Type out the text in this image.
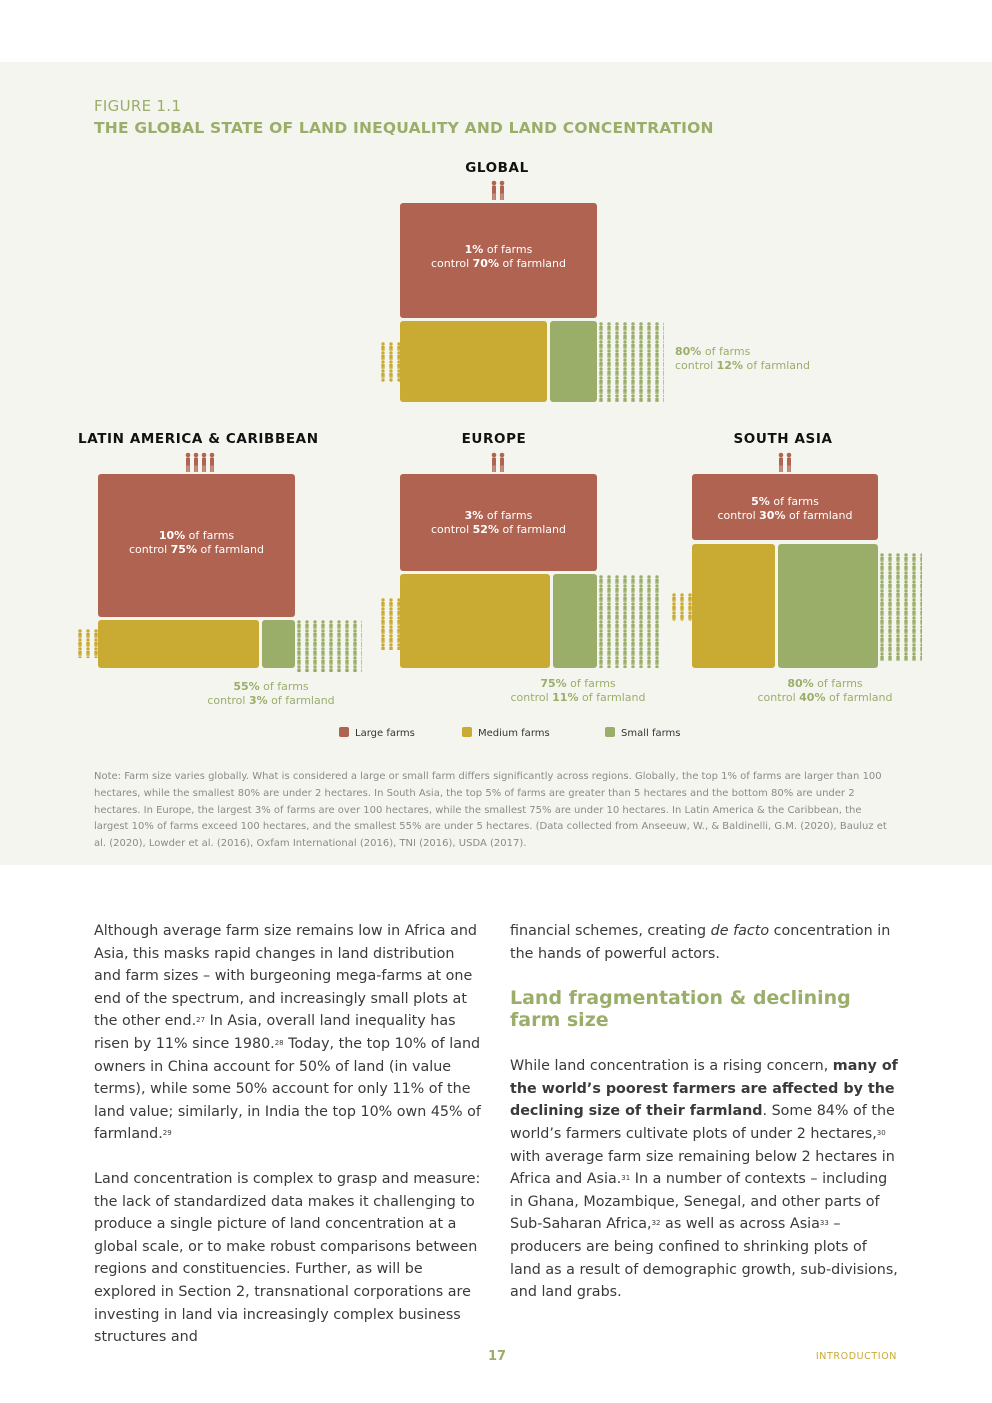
FIGURE 1.1
THE GLOBAL STATE OF LAND INEQUALITY AND LAND CONCENTRATION
GLOBAL
1% of farms
control 70% of farmland
80% of farms
control 12% of farmland
LATIN AMERICA & CARIBBEAN
10% of farms
control 75% of farmland
55% of farms
control 3% of farmland
EUROPE
3% of farms
control 52% of farmland
75% of farms
control 11% of farmland
SOUTH ASIA
5% of farms
control 30% of farmland
80% of farms
control 40% of farmland
Large farms	Medium farms	Small farms
Note: Farm size varies globally. What is considered a large or small farm differs significantly across regions. Globally, the top 1% of farms are larger than 100 hectares, while the smallest 80% are under 2 hectares. In South Asia, the top 5% of farms are greater than 5 hectares and the bottom 80% are under 2 hectares. In Europe, the largest 3% of farms are over 100 hectares, while the smallest 75% are under 10 hectares. In Latin America & the Caribbean, the largest 10% of farms exceed 100 hectares, and the smallest 55% are under 5 hectares. (Data collected from Anseeuw, W., & Baldinelli, G.M. (2020), Bauluz et al. (2020), Lowder et al. (2016), Oxfam International (2016), TNI (2016), USDA (2017).

Although average farm size remains low in Africa and Asia, this masks rapid changes in land distribution and farm sizes – with burgeoning mega-farms at one end of the spectrum, and increasingly small plots at the other end.$^{27}$ In Asia, overall land inequality has risen by 11% since 1980.28 Today, the top 10% of land owners in China account for 50% of land (in value terms), while some 50% account for only 11% of the land value; similarly, in India the top 10% own 45% of farmland.$^{29}$

Land concentration is complex to grasp and measure: the lack of standardized data makes it challenging to produce a single picture of land concentration at a global scale, or to make robust comparisons between regions and constituencies. Further, as will be explored in Section 2, transnational corporations are investing in land via increasingly complex business structures and

financial schemes, creating de facto concentration in the hands of powerful actors.

Land fragmentation & declining farm size

While land concentration is a rising concern, many of the world’s poorest farmers are affected by the declining size of their farmland. Some 84% of the world’s farmers cultivate plots of under 2 hectares,$^{30}$ with average farm size remaining below 2 hectares in Africa and Asia.$^{31}$ In a number of contexts – including in Ghana, Mozambique, Senegal, and other parts of Sub-Saharan Africa,$^{32}$ as well as across Asia$^{33}$ – producers are being confined to shrinking plots of land as a result of demographic growth, sub-divisions, and land grabs.

17	INTRODUCTION
